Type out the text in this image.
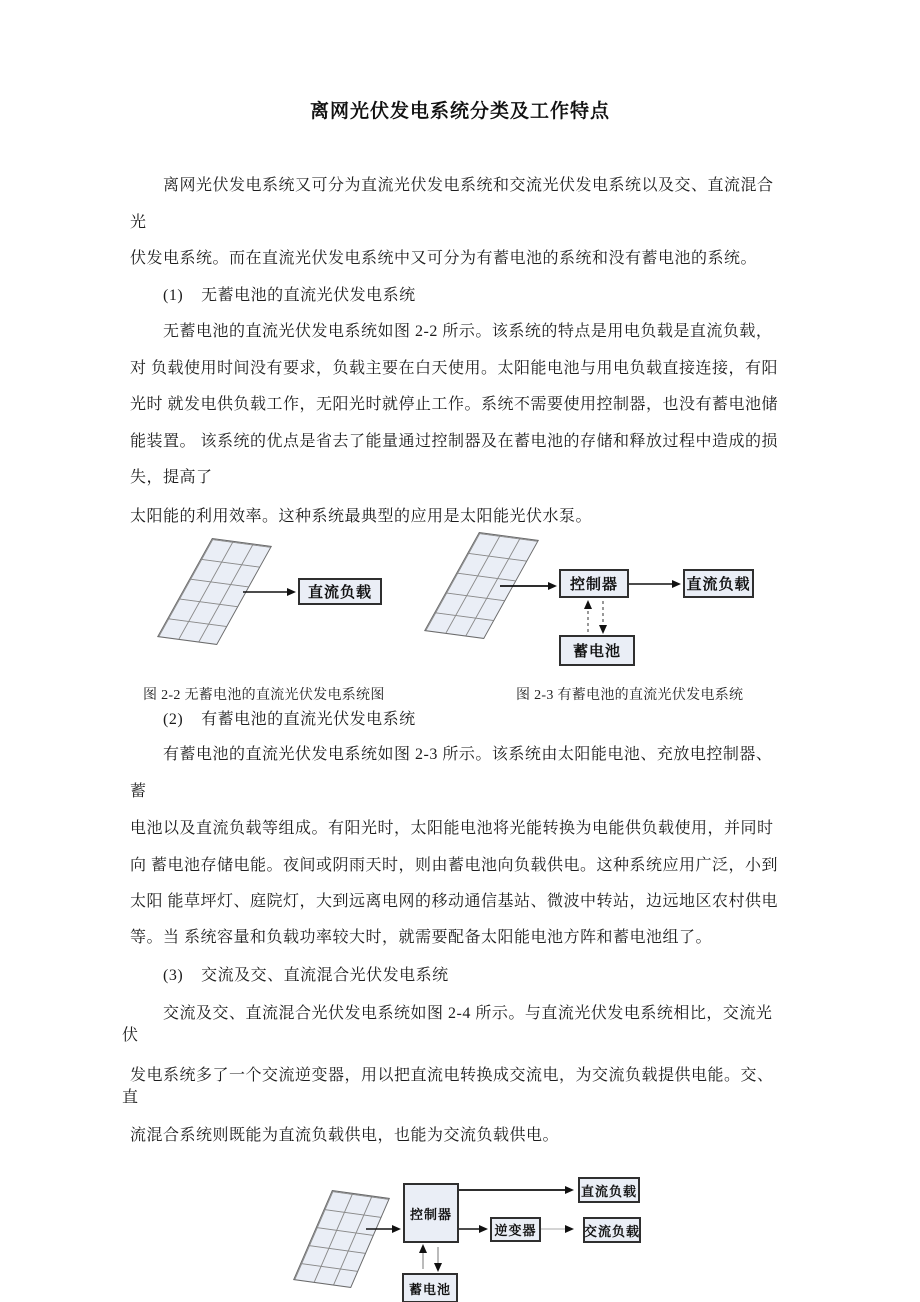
离网光伏发电系统分类及工作特点
离网光伏发电系统又可分为直流光伏发电系统和交流光伏发电系统以及交、直流混合
光
伏发电系统。而在直流光伏发电系统中又可分为有蓄电池的系统和没有蓄电池的系统。
(1)    无蓄电池的直流光伏发电系统
无蓄电池的直流光伏发电系统如图 2-2 所示。该系统的特点是用电负载是直流负载，
对 负载使用时间没有要求，负载主要在白天使用。太阳能电池与用电负载直接连接，有阳
光时 就发电供负载工作，无阳光时就停止工作。系统不需要使用控制器，也没有蓄电池储
能装置。 该系统的优点是省去了能量通过控制器及在蓄电池的存储和释放过程中造成的损
失，提高了
太阳能的利用效率。这种系统最典型的应用是太阳能光伏水泵。
(2)    有蓄电池的直流光伏发电系统
有蓄电池的直流光伏发电系统如图 2-3 所示。该系统由太阳能电池、充放电控制器、
蓄
电池以及直流负载等组成。有阳光时，太阳能电池将光能转换为电能供负载使用，并同时
向 蓄电池存储电能。夜间或阴雨天时，则由蓄电池向负载供电。这种系统应用广泛，小到
太阳 能草坪灯、庭院灯，大到远离电网的移动通信基站、微波中转站，边远地区农村供电
等。当 系统容量和负载功率较大时，就需要配备太阳能电池方阵和蓄电池组了。
(3)    交流及交、直流混合光伏发电系统
交流及交、直流混合光伏发电系统如图 2-4 所示。与直流光伏发电系统相比，交流光
伏
发电系统多了一个交流逆变器，用以把直流电转换成交流电，为交流负载提供电能。交、
直
流混合系统则既能为直流负载供电，也能为交流负载供电。
图 2-2 无蓄电池的直流光伏发电系统图	图 2-3 有蓄电池的直流光伏发电系统
直流负载	控制器	直流负载
蓄电池
控制器
直流负载
逆变器	交流负载
蓄电池
